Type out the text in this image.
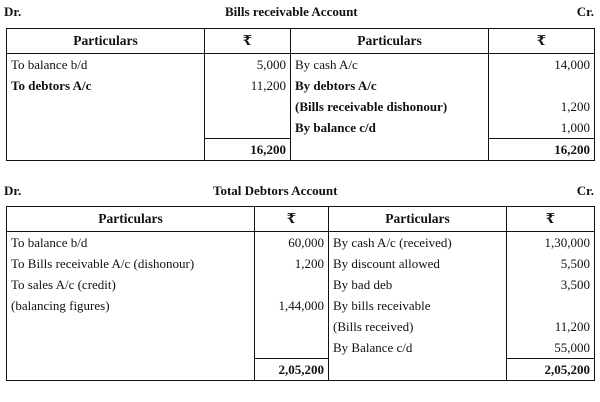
Dr.	Bills receivable Account	Cr.
Particulars	₹	Particulars	₹
To balance b/d	5,000	By cash A/c	14,000
To debtors A/c	11,200	By debtors A/c	
		(Bills receivable dishonour)	1,200
		By balance c/d	1,000
	16,200		16,200
Dr.	Total Debtors Account	Cr.
Particulars	₹	Particulars	₹
To balance b/d	60,000	By cash A/c (received)	1,30,000
To Bills receivable A/c (dishonour)	1,200	By discount allowed	5,500
To sales A/c (credit)		By bad deb	3,500
(balancing figures)	1,44,000	By bills receivable	
		(Bills received)	11,200
		By Balance c/d	55,000
	2,05,200		2,05,200
